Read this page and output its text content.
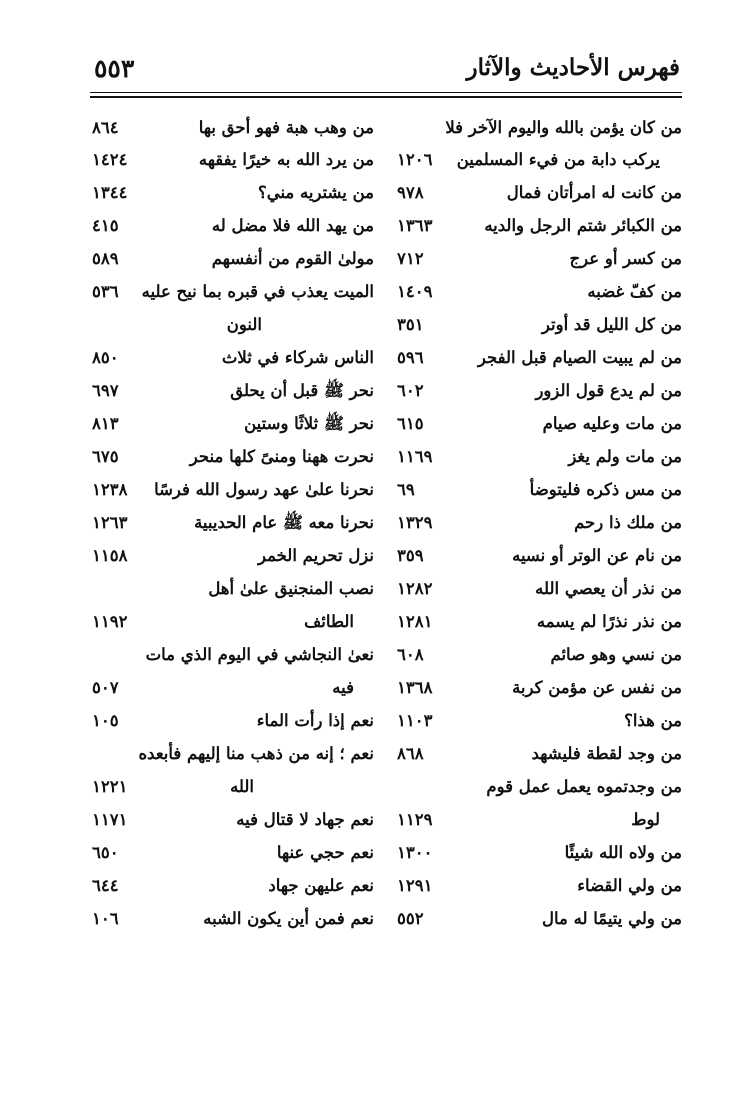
فهرس الأحاديث والآثار
٥٥٣
من كان يؤمن بالله واليوم الآخر فلا
يركب دابة من فيء المسلمين
١٢٠٦
من كانت له امرأتان فمال
٩٧٨
من الكبائر شتم الرجل والديه
١٣٦٣
من كسر أو عرج
٧١٢
من كفّ غضبه
١٤٠٩
من كل الليل قد أوتر
٣٥١
من لم يبيت الصيام قبل الفجر
٥٩٦
من لم يدع قول الزور
٦٠٢
من مات وعليه صيام
٦١٥
من مات ولم يغز
١١٦٩
من مس ذكره فليتوضأ
٦٩
من ملك ذا رحم
١٣٢٩
من نام عن الوتر أو نسيه
٣٥٩
من نذر أن يعصي الله
١٢٨٢
من نذر نذرًا لم يسمه
١٢٨١
من نسي وهو صائم
٦٠٨
من نفس عن مؤمن كربة
١٣٦٨
من هذا؟
١١٠٣
من وجد لقطة فليشهد
٨٦٨
من وجدتموه يعمل عمل قوم
لوط
١١٢٩
من ولاه الله شيئًا
١٣٠٠
من ولي القضاء
١٢٩١
من ولي يتيمًا له مال
٥٥٢
من وهب هبة فهو أحق بها
٨٦٤
من يرد الله به خيرًا يفقهه
١٤٢٤
من يشتريه مني؟
١٣٤٤
من يهد الله فلا مضل له
٤١٥
مولىٰ القوم من أنفسهم
٥٨٩
الميت يعذب في قبره بما نيح عليه
٥٣٦
النون
الناس شركاء في ثلاث
٨٥٠
نحر ﷺ قبل أن يحلق
٦٩٧
نحر ﷺ ثلاثًا وستين
٨١٣
نحرت ههنا ومنىً كلها منحر
٦٧٥
نحرنا علىٰ عهد رسول الله فرسًا
١٢٣٨
نحرنا معه ﷺ عام الحديبية
١٢٦٣
نزل تحريم الخمر
١١٥٨
نصب المنجنيق علىٰ أهل
الطائف
١١٩٢
نعىٰ النجاشي في اليوم الذي مات
فيه
٥٠٧
نعم إذا رأت الماء
١٠٥
نعم ؛ إنه من ذهب منا إليهم فأبعده
الله
١٢٢١
نعم جهاد لا قتال فيه
١١٧١
نعم حجي عنها
٦٥٠
نعم عليهن جهاد
٦٤٤
نعم فمن أين يكون الشبه
١٠٦
